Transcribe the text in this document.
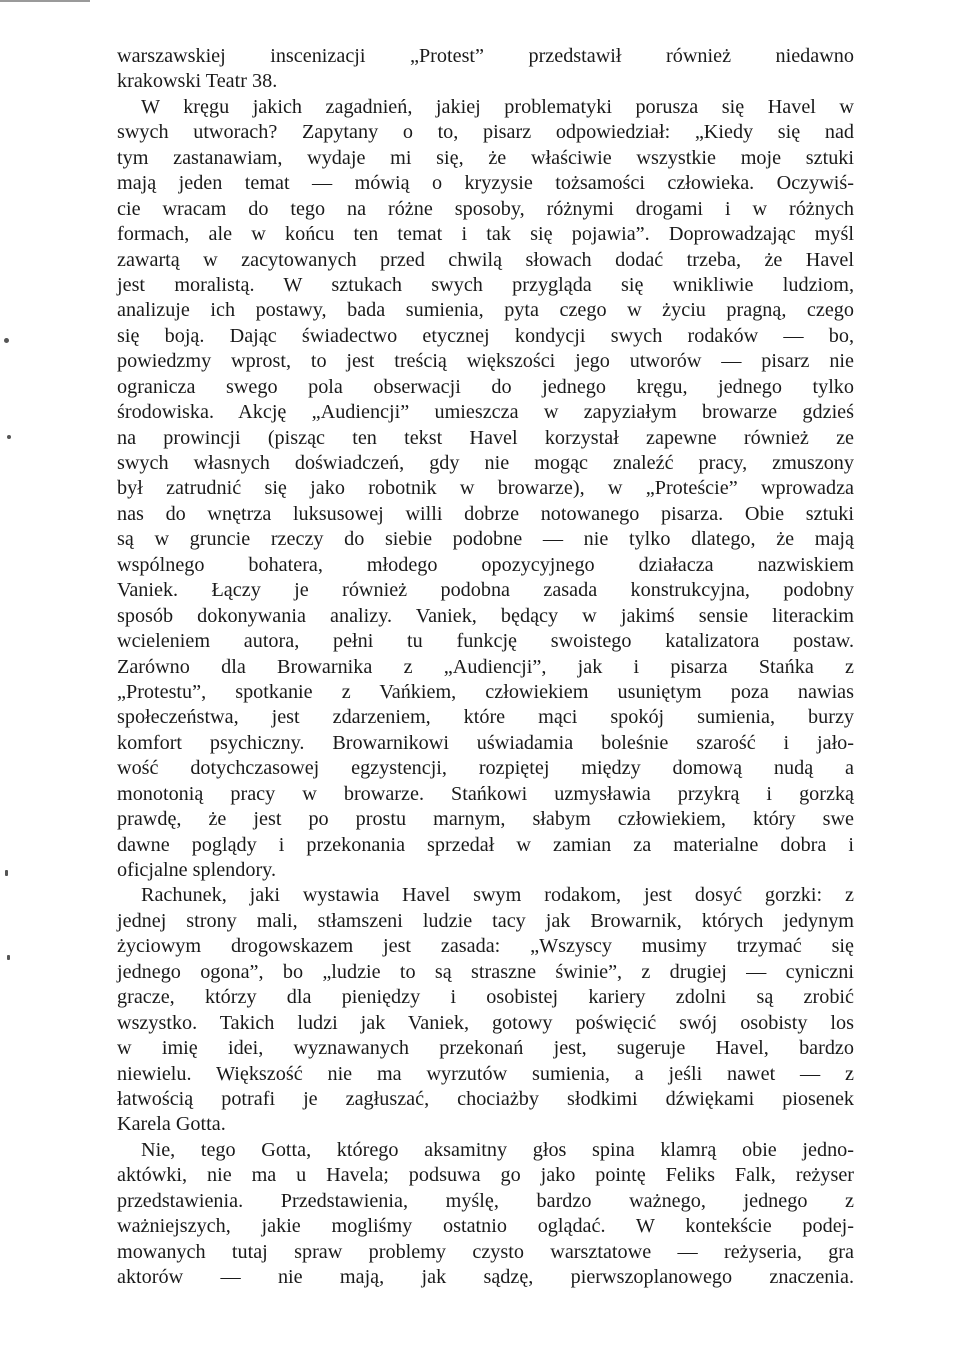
warszawskiej inscenizacji „Protest” przedstawił również niedawno
krakowski Teatr 38.
W kręgu jakich zagadnień, jakiej problematyki porusza się Havel w
swych utworach? Zapytany o to, pisarz odpowiedział: „Kiedy się nad
tym zastanawiam, wydaje mi się, że właściwie wszystkie moje sztuki
mają jeden temat — mówią o kryzysie tożsamości człowieka. Oczywiś-
cie wracam do tego na różne sposoby, różnymi drogami i w różnych
formach, ale w końcu ten temat i tak się pojawia”. Doprowadzając myśl
zawartą w zacytowanych przed chwilą słowach dodać trzeba, że Havel
jest moralistą. W sztukach swych przygląda się wnikliwie ludziom,
analizuje ich postawy, bada sumienia, pyta czego w życiu pragną, czego
się boją. Dając świadectwo etycznej kondycji swych rodaków — bo,
powiedzmy wprost, to jest treścią większości jego utworów — pisarz nie
ogranicza swego pola obserwacji do jednego kręgu, jednego tylko
środowiska. Akcję „Audiencji” umieszcza w zapyziałym browarze gdzieś
na prowincji (pisząc ten tekst Havel korzystał zapewne również ze
swych własnych doświadczeń, gdy nie mogąc znaleźć pracy, zmuszony
był zatrudnić się jako robotnik w browarze), w „Proteście” wprowadza
nas do wnętrza luksusowej willi dobrze notowanego pisarza. Obie sztuki
są w gruncie rzeczy do siebie podobne — nie tylko dlatego, że mają
wspólnego bohatera, młodego opozycyjnego działacza nazwiskiem
Vaniek. Łączy je również podobna zasada konstrukcyjna, podobny
sposób dokonywania analizy. Vaniek, będący w jakimś sensie literackim
wcieleniem autora, pełni tu funkcję swoistego katalizatora postaw.
Zarówno dla Browarnika z „Audiencji”, jak i pisarza Stańka z
„Protestu”, spotkanie z Vańkiem, człowiekiem usuniętym poza nawias
społeczeństwa, jest zdarzeniem, które mąci spokój sumienia, burzy
komfort psychiczny. Browarnikowi uświadamia boleśnie szarość i jało-
wość dotychczasowej egzystencji, rozpiętej między domową nudą a
monotonią pracy w browarze. Stańkowi uzmysławia przykrą i gorzką
prawdę, że jest po prostu marnym, słabym człowiekiem, który swe
dawne poglądy i przekonania sprzedał w zamian za materialne dobra i
oficjalne splendory.
Rachunek, jaki wystawia Havel swym rodakom, jest dosyć gorzki: z
jednej strony mali, stłamszeni ludzie tacy jak Browarnik, których jedynym
życiowym drogowskazem jest zasada: „Wszyscy musimy trzymać się
jednego ogona”, bo „ludzie to są straszne świnie”, z drugiej — cyniczni
gracze, którzy dla pieniędzy i osobistej kariery zdolni są zrobić
wszystko. Takich ludzi jak Vaniek, gotowy poświęcić swój osobisty los
w imię idei, wyznawanych przekonań jest, sugeruje Havel, bardzo
niewielu. Większość nie ma wyrzutów sumienia, a jeśli nawet — z
łatwością potrafi je zagłuszać, chociażby słodkimi dźwiękami piosenek
Karela Gotta.
Nie, tego Gotta, którego aksamitny głos spina klamrą obie jedno-
aktówki, nie ma u Havela; podsuwa go jako pointę Feliks Falk, reżyser
przedstawienia. Przedstawienia, myślę, bardzo ważnego, jednego z
ważniejszych, jakie mogliśmy ostatnio oglądać. W kontekście podej-
mowanych tutaj spraw problemy czysto warsztatowe — reżyseria, gra
aktorów — nie mają, jak sądzę, pierwszoplanowego znaczenia.
